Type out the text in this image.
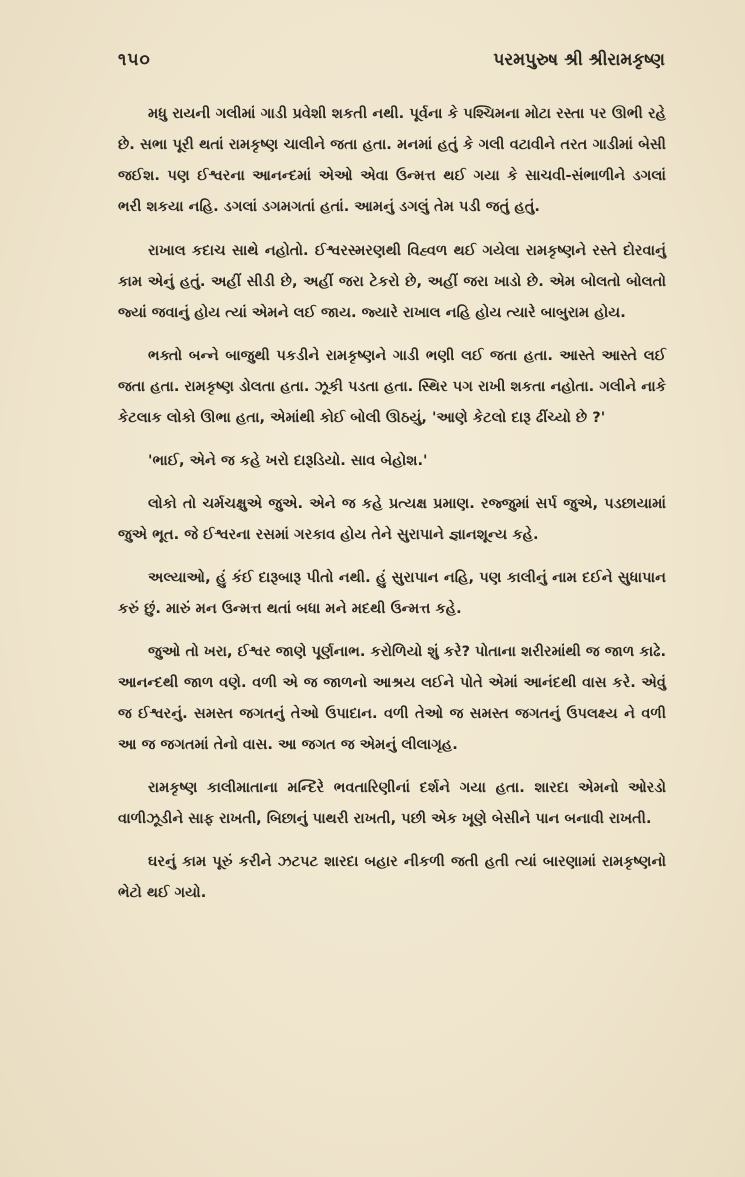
૧૫૦	પરમપુરુષ શ્રી શ્રીરામકૃષ્ણ

મધુ રાયની ગલીમાં ગાડી પ્રવેશી શકતી નથી. પૂર્વના કે પશ્ચિમના મોટા રસ્તા પર ઊભી રહે છે. સભા પૂરી થતાં રામકૃષ્ણ ચાલીને જતા હતા. મનમાં હતું કે ગલી વટાવીને તરત ગાડીમાં બેસી જઈશ. પણ ઈશ્વરના આનન્દમાં એઓ એવા ઉન્મત્ત થઈ ગયા કે સાચવી-સંભાળીને ડગલાં ભરી શકયા નહિ. ડગલાં ડગમગતાં હતાં. આમનું ડગલું તેમ પડી જતું હતું.

રાખાલ કદાચ સાથે નહોતો. ઈશ્વરસ્મરણથી વિહ્વળ થઈ ગયેલા રામકૃષ્ણને રસ્તે દોરવાનું કામ એનું હતું. અહીં સીડી છે, અહીં જરા ટેકરો છે, અહીં જરા ખાડો છે. એમ બોલતો બોલતો જ્યાં જવાનું હોય ત્યાં એમને લઈ જાય. જ્યારે રાખાલ નહિ હોય ત્યારે બાબુરામ હોય.

ભક્તો બન્ને બાજુથી પકડીને રામકૃષ્ણને ગાડી ભણી લઈ જતા હતા. આસ્તે આસ્તે લઈ જતા હતા. રામકૃષ્ણ ડોલતા હતા. ઝૂકી પડતા હતા. સ્થિર પગ રાખી શકતા નહોતા. ગલીને નાકે કેટલાક લોકો ઊભા હતા, એમાંથી કોઈ બોલી ઊઠયું, 'આણે કેટલો દારૂ ઢીંચ્યો છે ?'

'ભાઈ, એને જ કહે ખરો દારૂડિયો. સાવ બેહોશ.'

લોકો તો ચર્મચક્ષુએ જુએ. એને જ કહે પ્રત્યક્ષ પ્રમાણ. રજ્જુમાં સર્પ જુએ, પડછાયામાં જુએ ભૂત. જે ઈશ્વરના રસમાં ગરકાવ હોય તેને સુરાપાને જ્ઞાનશૂન્ય કહે.

અલ્યાઓ, હું કંઈ દારૂબારૂ પીતો નથી. હું સુરાપાન નહિ, પણ કાલીનું નામ દઈને સુધાપાન કરું છું. મારું મન ઉન્મત્ત થતાં બધા મને મદથી ઉન્મત્ત કહે.

જુઓ તો ખરા, ઈશ્વર જાણે પૂર્ણનાભ. કરોળિયો શું કરે? પોતાના શરીરમાંથી જ જાળ કાઢે. આનન્દથી જાળ વણે. વળી એ જ જાળનો આશ્રય લઈને પોતે એમાં આનંદથી વાસ કરે. એવું જ ઈશ્વરનું. સમસ્ત જગતનું તેઓ ઉપાદાન. વળી તેઓ જ સમસ્ત જગતનું ઉપલક્ષ્ય ને વળી આ જ જગતમાં તેનો વાસ. આ જગત જ એમનું લીલાગૃહ.

રામકૃષ્ણ કાલીમાતાના મન્દિરે ભવતારિણીનાં દર્શને ગયા હતા. શારદા એમનો ઓરડો વાળીઝૂડીને સાફ રાખતી, બિછાનું પાથરી રાખતી, પછી એક ખૂણે બેસીને પાન બનાવી રાખતી.

ઘરનું કામ પૂરું કરીને ઝટપટ શારદા બહાર નીકળી જતી હતી ત્યાં બારણામાં રામકૃષ્ણનો ભેટો થઈ ગયો.
